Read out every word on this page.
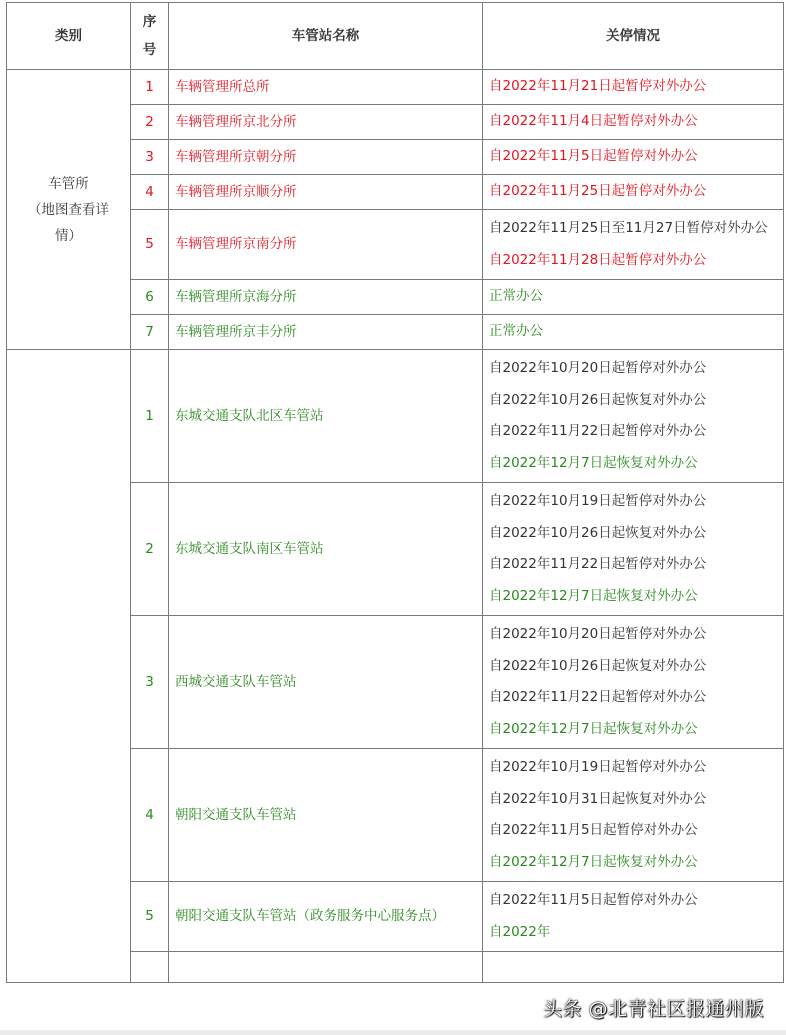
类别	序号	车管站名称	关停情况

车管所
（地图查看详情）	1	车辆管理所总所	自2022年11月21日起暂停对外办公

	2	车辆管理所京北分所	自2022年11月4日起暂停对外办公

	3	车辆管理所京朝分所	自2022年11月5日起暂停对外办公

	4	车辆管理所京顺分所	自2022年11月25日起暂停对外办公

	5	车辆管理所京南分所	自2022年11月25日至11月27日暂停对外办公
自2022年11月28日起暂停对外办公

	6	车辆管理所京海分所	正常办公

	7	车辆管理所京丰分所	正常办公

	1	东城交通支队北区车管站	自2022年10月20日起暂停对外办公
自2022年10月26日起恢复对外办公
自2022年11月22日起暂停对外办公
自2022年12月7日起恢复对外办公

	2	东城交通支队南区车管站	自2022年10月19日起暂停对外办公
自2022年10月26日起恢复对外办公
自2022年11月22日起暂停对外办公
自2022年12月7日起恢复对外办公

	3	西城交通支队车管站	自2022年10月20日起暂停对外办公
自2022年10月26日起恢复对外办公
自2022年11月22日起暂停对外办公
自2022年12月7日起恢复对外办公

	4	朝阳交通支队车管站	自2022年10月19日起暂停对外办公
自2022年10月31日起恢复对外办公
自2022年11月5日起暂停对外办公
自2022年12月7日起恢复对外办公

	5	朝阳交通支队车管站（政务服务中心服务点）	自2022年11月5日起暂停对外办公
自2022年

头条 @北青社区报通州版
